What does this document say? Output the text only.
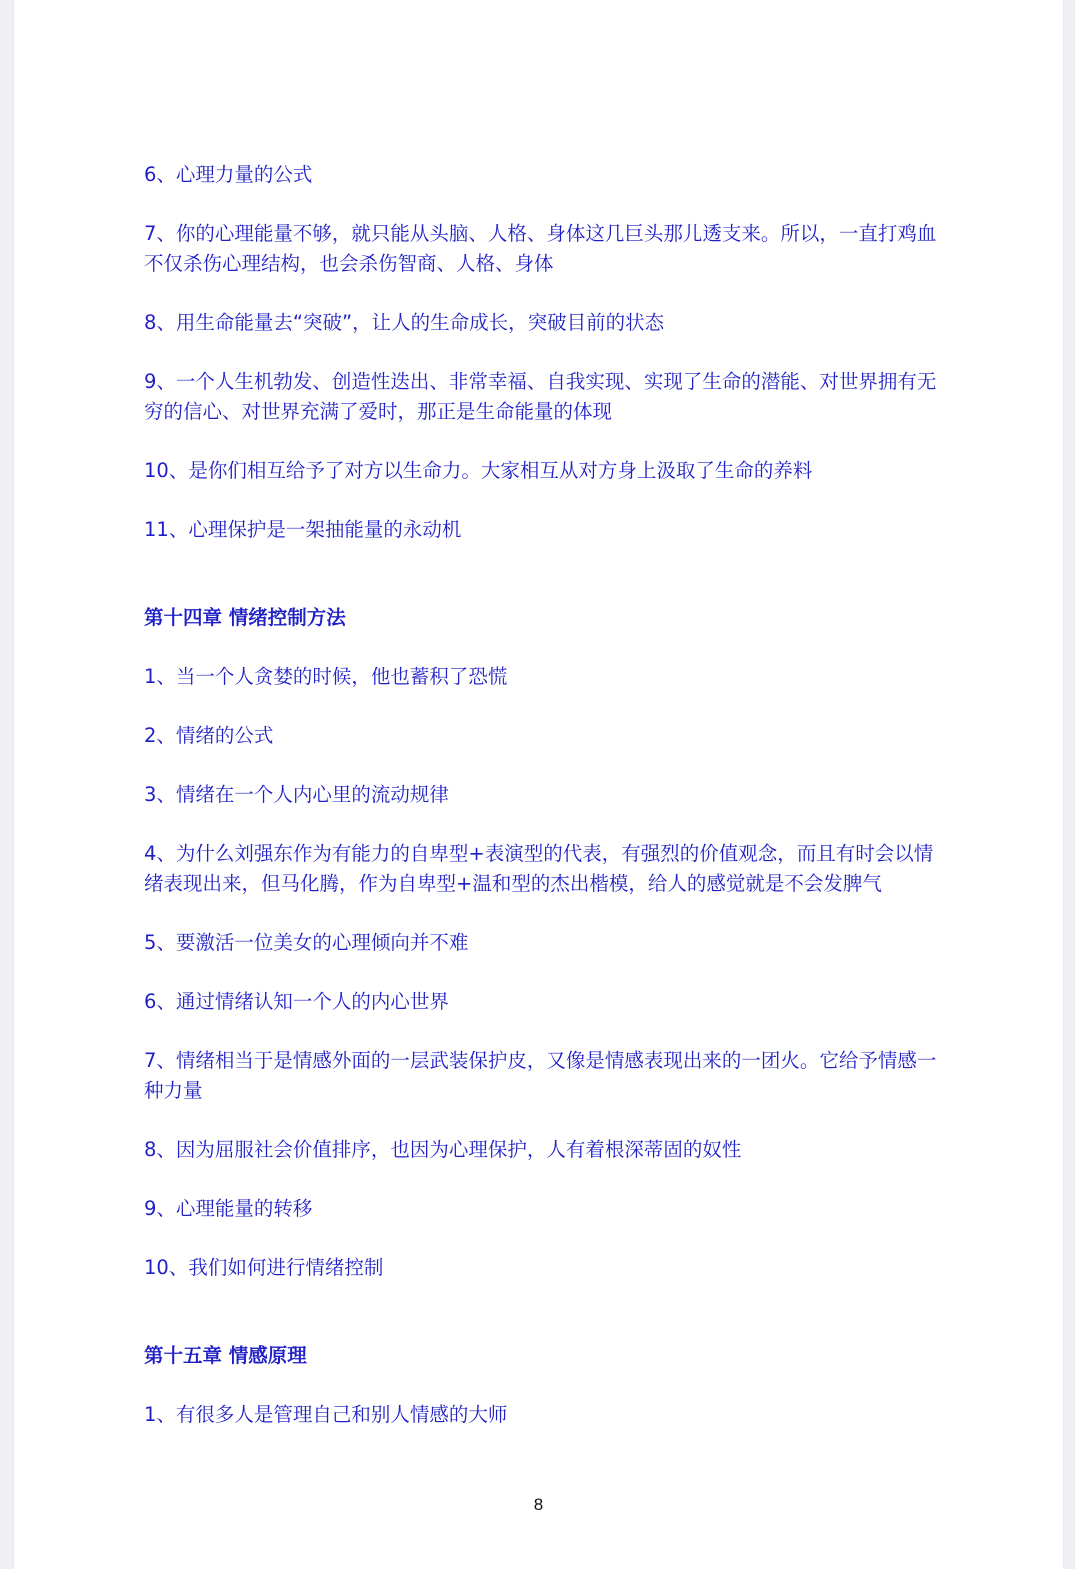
6、心理力量的公式

7、你的心理能量不够，就只能从头脑、人格、身体这几巨头那儿透支来。所以，一直打鸡血不仅杀伤心理结构，也会杀伤智商、人格、身体

8、用生命能量去“突破”，让人的生命成长，突破目前的状态

9、一个人生机勃发、创造性迭出、非常幸福、自我实现、实现了生命的潜能、对世界拥有无穷的信心、对世界充满了爱时，那正是生命能量的体现

10、是你们相互给予了对方以生命力。大家相互从对方身上汲取了生命的养料

11、心理保护是一架抽能量的永动机

第十四章 情绪控制方法

1、当一个人贪婪的时候，他也蓄积了恐慌

2、情绪的公式

3、情绪在一个人内心里的流动规律

4、为什么刘强东作为有能力的自卑型+表演型的代表，有强烈的价值观念，而且有时会以情绪表现出来，但马化腾，作为自卑型+温和型的杰出楷模，给人的感觉就是不会发脾气

5、要激活一位美女的心理倾向并不难

6、通过情绪认知一个人的内心世界

7、情绪相当于是情感外面的一层武装保护皮，又像是情感表现出来的一团火。它给予情感一种力量

8、因为屈服社会价值排序，也因为心理保护，人有着根深蒂固的奴性

9、心理能量的转移

10、我们如何进行情绪控制

第十五章 情感原理

1、有很多人是管理自己和别人情感的大师

8
